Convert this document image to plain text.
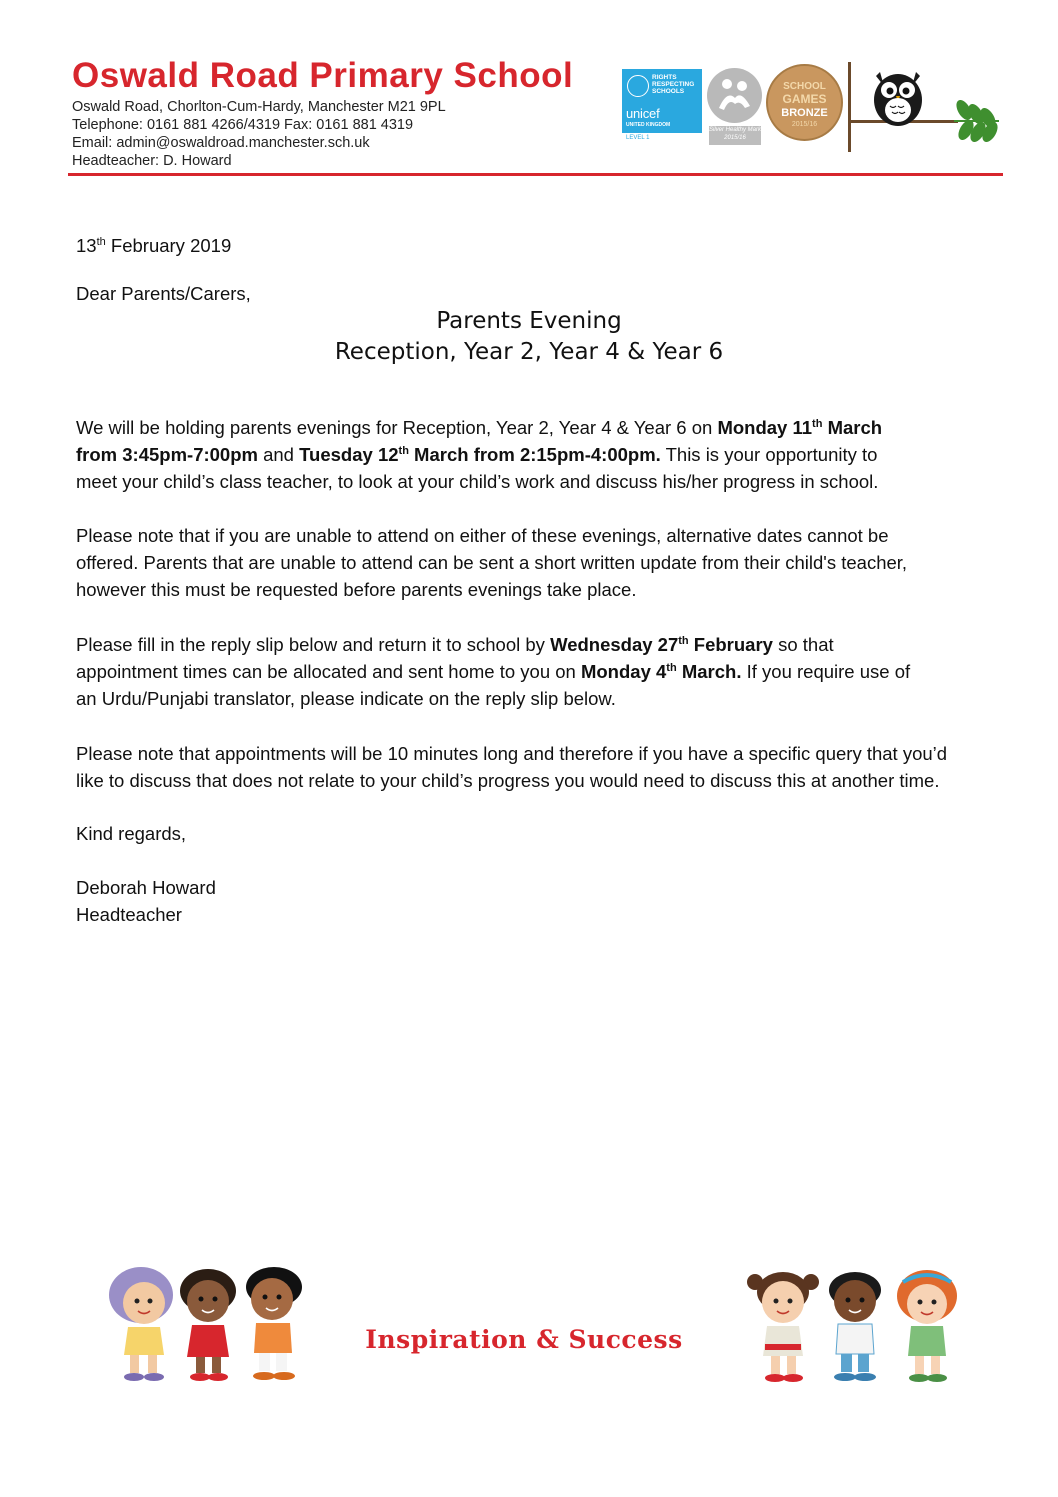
Oswald Road Primary School
Oswald Road, Chorlton-Cum-Hardy, Manchester M21 9PL
Telephone: 0161 881 4266/4319 Fax: 0161 881 4319
Email: admin@oswaldroad.manchester.sch.uk
Headteacher: D. Howard
RIGHTS RESPECTING SCHOOLS
unicef
UNITED KINGDOM
LEVEL 1
Silver Healthy Mark 2015/16
SCHOOL
GAMES
BRONZE
2015/16
13th February 2019
Dear Parents/Carers,
Parents Evening
Reception, Year 2, Year 4 & Year 6

We will be holding parents evenings for Reception, Year 2, Year 4 & Year 6 on Monday 11th March
from 3:45pm-7:00pm and Tuesday 12th March from 2:15pm-4:00pm. This is your opportunity to
meet your child’s class teacher, to look at your child’s work and discuss his/her progress in school.

Please note that if you are unable to attend on either of these evenings, alternative dates cannot be
offered. Parents that are unable to attend can be sent a short written update from their child's teacher,
however this must be requested before parents evenings take place.

Please fill in the reply slip below and return it to school by Wednesday 27th February so that
appointment times can be allocated and sent home to you on Monday 4th March. If you require use of
an Urdu/Punjabi translator, please indicate on the reply slip below.

Please note that appointments will be 10 minutes long and therefore if you have a specific query that you’d
like to discuss that does not relate to your child’s progress you would need to discuss this at another time.

Kind regards,
Deborah Howard
Headteacher
Inspiration & Success
